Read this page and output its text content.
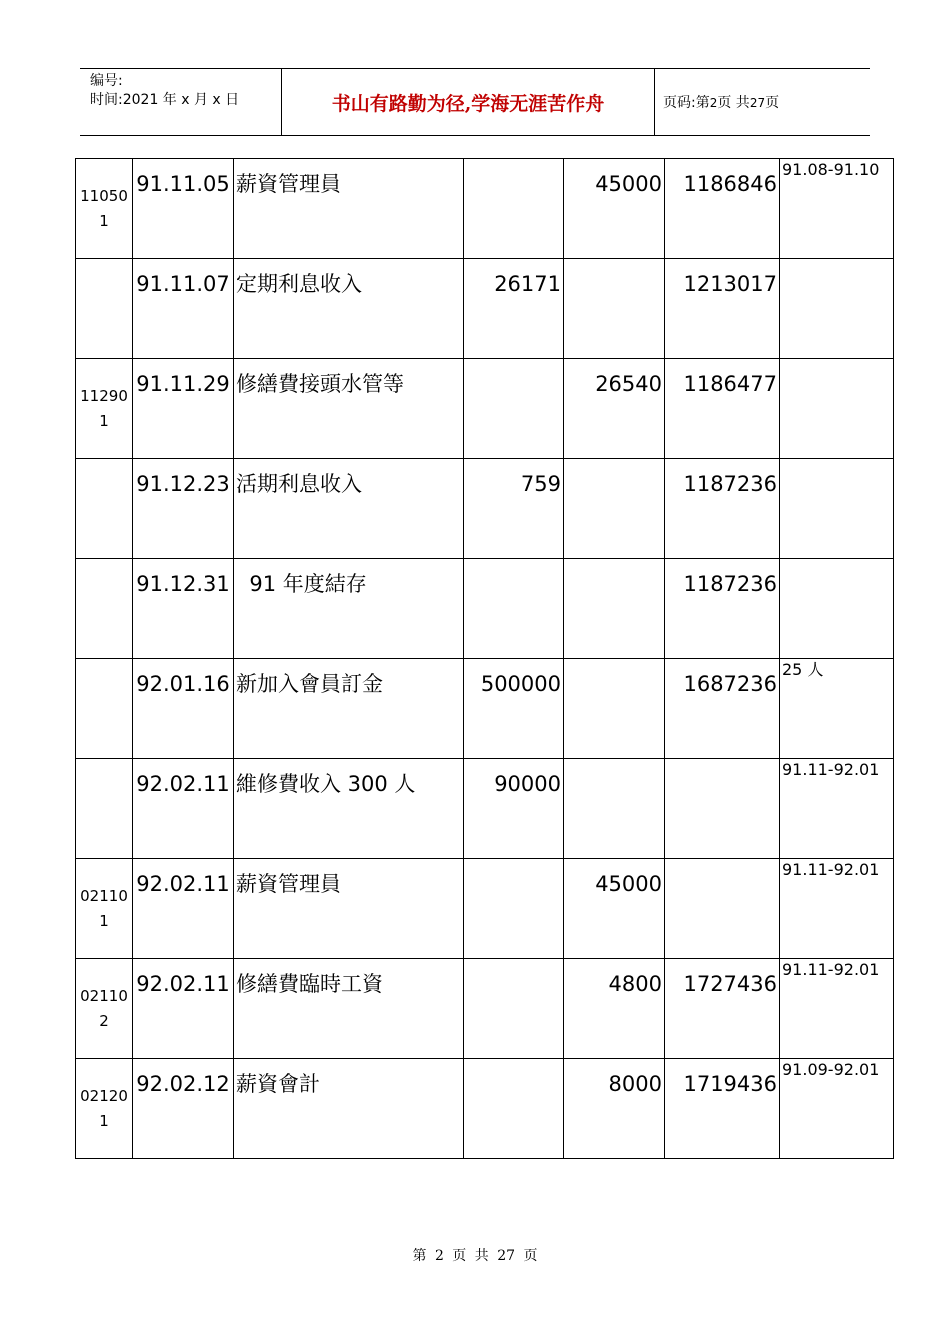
编号:
时间:2021 年 x 月 x 日	书山有路勤为径,学海无涯苦作舟	页码:第2页 共27页
110501	91.11.05	薪資管理員		45000	1186846	91.08-91.10
	91.11.07	定期利息收入	26171		1213017	
112901	91.11.29	修繕費接頭水管等		26540	1186477	
	91.12.23	活期利息收入	759		1187236	
	91.12.31	91 年度結存			1187236	
	92.01.16	新加入會員訂金	500000		1687236	25 人
	92.02.11	維修費收入 300 人	90000			91.11-92.01
021101	92.02.11	薪資管理員		45000		91.11-92.01
021102	92.02.11	修繕費臨時工資		4800	1727436	91.11-92.01
021201	92.02.12	薪資會計		8000	1719436	91.09-92.01
第 2 页 共 27 页
